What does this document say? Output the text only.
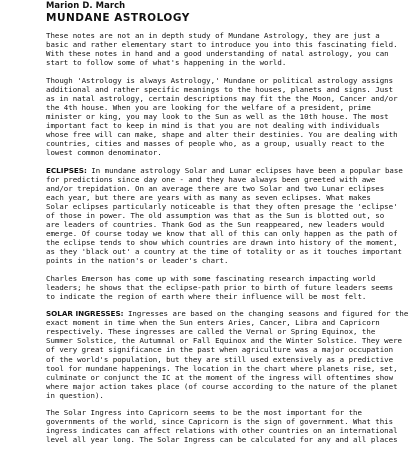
Marion D. March

MUNDANE ASTROLOGY

These notes are not an in depth study of Mundane Astrology, they are just a
basic and rather elementary start to introduce you into this fascinating field.
With these notes in hand and a good understanding of natal astrology, you can
start to follow some of what's happening in the world.

Though 'Astrology is always Astrology,' Mundane or political astrology assigns
additional and rather specific meanings to the houses, planets and signs. Just
as in natal astrology, certain descriptions may fit the the Moon, Cancer and/or
the 4th house. When you are looking for the welfare of a president, prime
minister or king, you may look to the Sun as well as the 10th house. The most
important fact to keep in mind is that you are not dealing with individuals
whose free will can make, shape and alter their destinies. You are dealing with
countries, cities and masses of people who, as a group, usually react to the
lowest common denominator.

ECLIPSES: In mundane astrology Solar and Lunar eclipses have been a popular base
for predictions since day one - and they have always been greeted with awe
and/or trepidation. On an average there are two Solar and two Lunar eclipses
each year, but there are years with as many as seven eclipses. What makes
Solar eclipses particularly noticeable is that they often presage the 'eclipse'
of those in power. The old assumption was that as the Sun is blotted out, so
are leaders of countries. Thank God as the Sun reappeared, new leaders would
emerge. Of course today we know that all of this can only happen as the path of
the eclipse tends to show which countries are drawn into history of the moment,
as they 'black out' a country at the time of totality or as it touches important
points in the nation's or leader's chart.

Charles Emerson has come up with some fascinating research impacting world
leaders; he shows that the eclipse-path prior to birth of future leaders seems
to indicate the region of earth where their influence will be most felt.

SOLAR INGRESSES: Ingresses are based on the changing seasons and figured for the
exact moment in time when the Sun enters Aries, Cancer, Libra and Capricorn
respectively. These ingresses are called the Vernal or Spring Equinox, the
Summer Solstice, the Autumnal or Fall Equinox and the Winter Solstice. They were
of very great significance in the past when agriculture was a major occupation
of the world's population, but they are still used extensively as a predictive
tool for mundane happenings. The location in the chart where planets rise, set,
culminate or conjunct the IC at the moment of the ingress will oftentimes show
where major action takes place (of course according to the nature of the planet
in question).

The Solar Ingress into Capricorn seems to be the most important for the
governments of the world, since Capricorn is the sign of government. What this
ingress indicates can affect relations with other countries on an international
level all year long. The Solar Ingress can be calculated for any and all places
